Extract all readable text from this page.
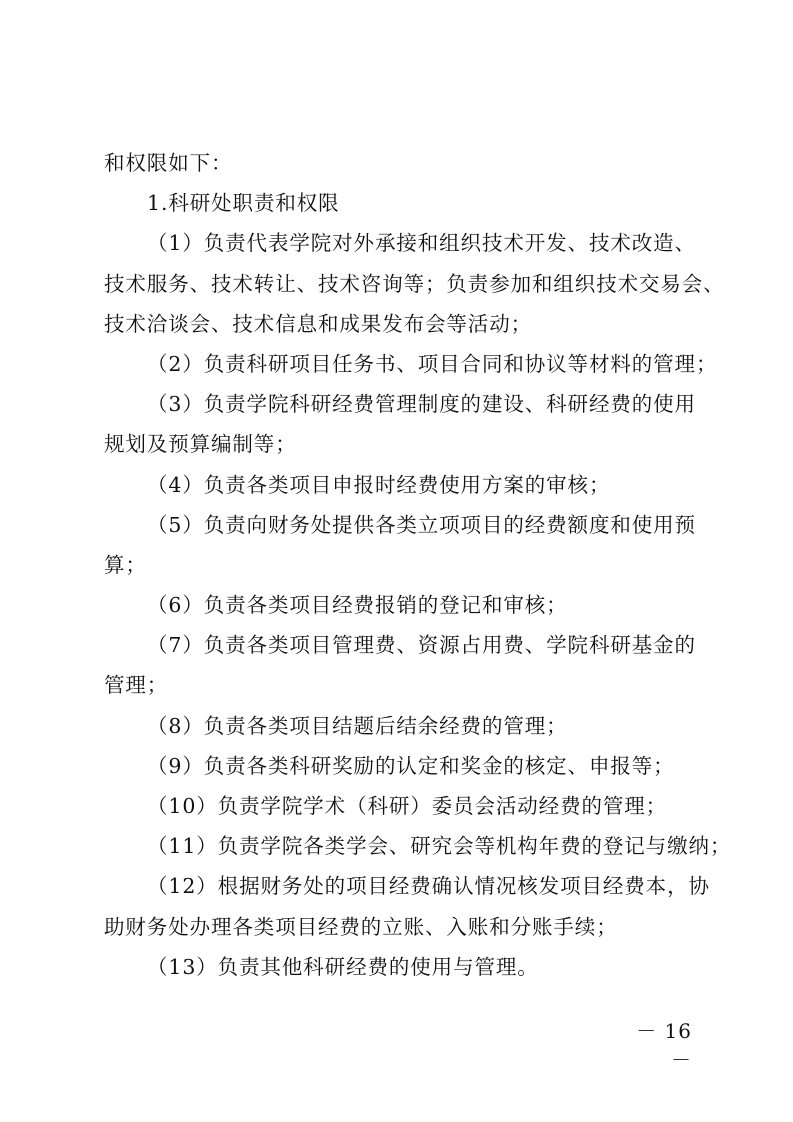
和权限如下：
1.科研处职责和权限
（1）负责代表学院对外承接和组织技术开发、技术改造、
技术服务、技术转让、技术咨询等；负责参加和组织技术交易会、
技术洽谈会、技术信息和成果发布会等活动；
（2）负责科研项目任务书、项目合同和协议等材料的管理；
（3）负责学院科研经费管理制度的建设、科研经费的使用
规划及预算编制等；
（4）负责各类项目申报时经费使用方案的审核；
（5）负责向财务处提供各类立项项目的经费额度和使用预
算；
（6）负责各类项目经费报销的登记和审核；
（7）负责各类项目管理费、资源占用费、学院科研基金的
管理；
（8）负责各类项目结题后结余经费的管理；
（9）负责各类科研奖励的认定和奖金的核定、申报等；
（10）负责学院学术（科研）委员会活动经费的管理；
（11）负责学院各类学会、研究会等机构年费的登记与缴纳；
（12）根据财务处的项目经费确认情况核发项目经费本，协
助财务处办理各类项目经费的立账、入账和分账手续；
（13）负责其他科研经费的使用与管理。
－ 16 －
